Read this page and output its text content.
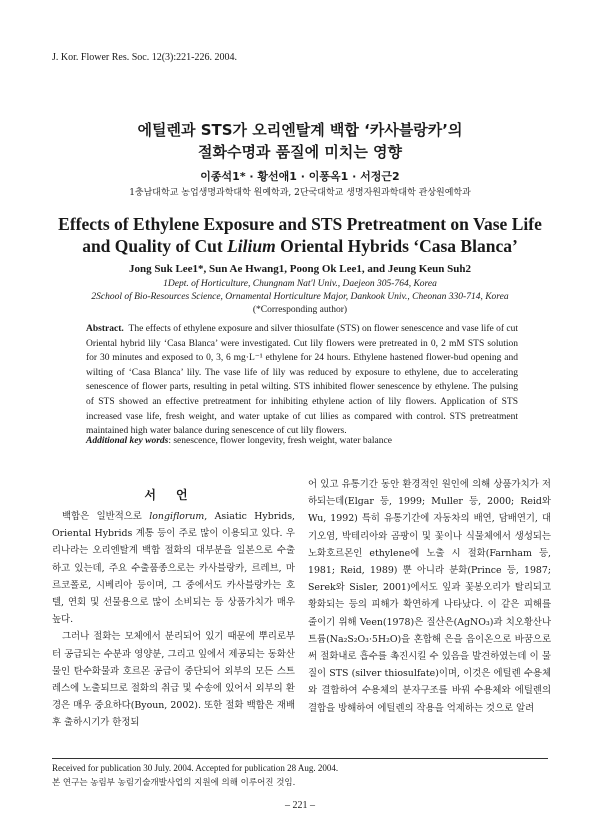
J. Kor. Flower Res. Soc. 12(3):221-226. 2004.
에틸렌과 STS가 오리엔탈계 백합 ‘카사블랑카’의
절화수명과 품질에 미치는 영향
이종석1* · 황선애1 · 이퐁옥1 · 서정근2
1충남대학교 농업생명과학대학 원예학과, 2단국대학교 생명자원과학대학 관상원예학과
Effects of Ethylene Exposure and STS Pretreatment on Vase Life
and Quality of Cut Lilium Oriental Hybrids ‘Casa Blanca’
Jong Suk Lee1*, Sun Ae Hwang1, Poong Ok Lee1, and Jeung Keun Suh2
1Dept. of Horticulture, Chungnam Nat'l Univ., Daejeon 305-764, Korea
2School of Bio-Resources Science, Ornamental Horticulture Major, Dankook Univ., Cheonan 330-714, Korea
(*Corresponding author)
Abstract. The effects of ethylene exposure and silver thiosulfate (STS) on flower senescence and vase life of cut Oriental hybrid lily ‘Casa Blanca’ were investigated. Cut lily flowers were pretreated in 0, 2 mM STS solution for 30 minutes and exposed to 0, 3, 6 mg·L⁻¹ ethylene for 24 hours. Ethylene hastened flower-bud opening and wilting of ‘Casa Blanca’ lily. The vase life of lily was reduced by exposure to ethylene, due to accelerating senescence of flower parts, resulting in petal wilting. STS inhibited flower senescence by ethylene. The pulsing of STS showed an effective pretreatment for inhibiting ethylene action of lily flowers. Application of STS increased vase life, fresh weight, and water uptake of cut lilies as compared with control. STS pretreatment maintained high water balance during senescence of cut lily flowers.
Additional key words: senescence, flower longevity, fresh weight, water balance
서언

백합은 일반적으로 longiflorum, Asiatic Hybrids, Oriental Hybrids 계통 등이 주로 많이 이용되고 있다. 우리나라는 오리엔탈계 백합 절화의 대부분을 일본으로 수출하고 있는데, 주요 수출품종으로는 카사블랑카, 르레브, 마르코폴로, 시베리아 등이며, 그 중에서도 카사블랑카는 호텔, 연회 및 선물용으로 많이 소비되는 등 상품가치가 매우 높다.

그러나 절화는 모체에서 분리되어 있기 때문에 뿌리로부터 공급되는 수분과 영양분, 그리고 잎에서 제공되는 동화산물인 탄수화물과 호르몬 공급이 중단되어 외부의 모든 스트레스에 노출되므로 절화의 취급 및 수송에 있어서 외부의 환경은 매우 중요하다(Byoun, 2002). 또한 절화 백합은 재배 후 출하시기가 한정되

어 있고 유통기간 동안 환경적인 원인에 의해 상품가치가 저하되는데(Elgar 등, 1999; Muller 등, 2000; Reid와 Wu, 1992) 특히 유통기간에 자동차의 배연, 담배연기, 대기오염, 박테리아와 곰팡이 및 꽃이나 식물체에서 생성되는 노화호르몬인 ethylene에 노출 시 절화(Farnham 등, 1981; Reid, 1989) 뿐 아니라 분화(Prince 등, 1987; Serek와 Sisler, 2001)에서도 잎과 꽃봉오리가 탈리되고 황화되는 등의 피해가 확연하게 나타났다. 이 같은 피해를 줄이기 위해 Veen(1978)은 질산은(AgNO₃)과 치오황산나트륨(Na₂S₂O₃·5H₂O)을 혼합해 은을 음이온으로 바꿈으로써 절화내로 흡수를 촉진시킬 수 있음을 발견하였는데 이 물질이 STS (silver thiosulfate)이며, 이것은 에틸렌 수용체와 결합하여 수용체의 분자구조를 바꿔 수용체와 에틸렌의 결합을 방해하여 에틸렌의 작용을 억제하는 것으로 알려

Received for publication 30 July. 2004. Accepted for publication 28 Aug. 2004.
본 연구는 농림부 농림기술개발사업의 지원에 의해 이루어진 것임.
– 221 –
